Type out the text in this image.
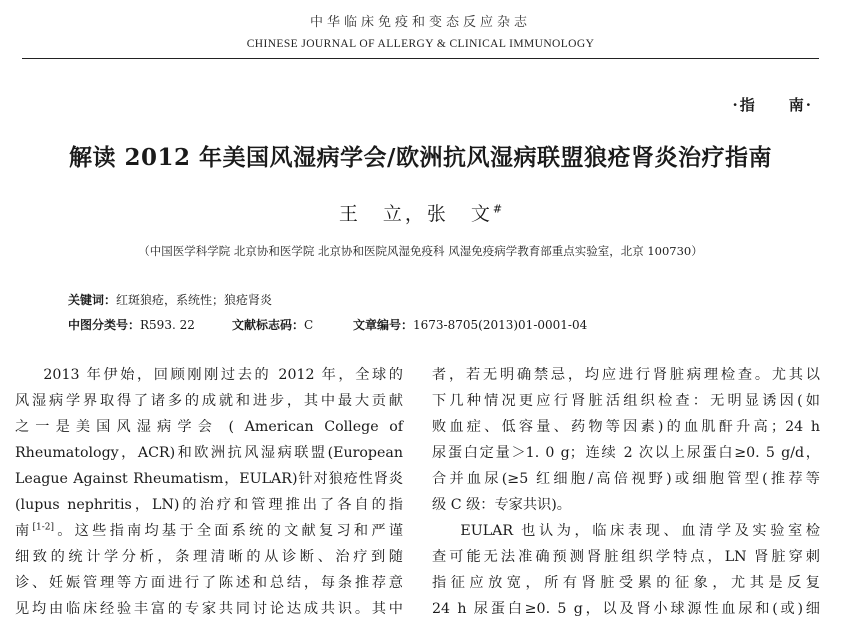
中华临床免疫和变态反应杂志
CHINESE JOURNAL OF ALLERGY & CLINICAL IMMUNOLOGY
·指 南·
解读 2012 年美国风湿病学会/欧洲抗风湿病联盟狼疮肾炎治疗指南
王　立，张　文#
（中国医学科学院 北京协和医学院 北京协和医院风湿免疫科 风湿免疫病学教育部重点实验室，北京 100730）
关键词：红斑狼疮，系统性；狼疮肾炎
中图分类号：R593. 22	文献标志码：C	文章编号：1673-8705(2013)01-0001-04
2013 年伊始，回顾刚刚过去的 2012 年，全球的
风湿病学界取得了诸多的成就和进步，其中最大贡献
之一是美国风湿病学会 ( American College of
Rheumatology，ACR)和欧洲抗风湿病联盟(European
League Against Rheumatism，EULAR)针对狼疮性肾炎
(lupus nephritis，LN)的治疗和管理推出了各自的指
南[1-2]。这些指南均基于全面系统的文献复习和严谨
细致的统计学分析，条理清晰的从诊断、治疗到随
诊、妊娠管理等方面进行了陈述和总结，每条推荐意
见均由临床经验丰富的专家共同讨论达成共识。其中
者，若无明确禁忌，均应进行肾脏病理检查。尤其以
下几种情况更应行肾脏活组织检查：无明显诱因(如
败血症、低容量、药物等因素)的血肌酐升高；24 h
尿蛋白定量＞1. 0 g；连续 2 次以上尿蛋白≥0. 5 g/d，
合并血尿(≥5 红细胞/高倍视野)或细胞管型(推荐等
级 C 级：专家共识)。
EULAR 也认为，临床表现、血清学及实验室检
查可能无法准确预测肾脏组织学特点，LN 肾脏穿刺
指征应放宽，所有肾脏受累的征象，尤其是反复
24 h 尿蛋白≥0. 5 g，以及肾小球源性血尿和(或)细
